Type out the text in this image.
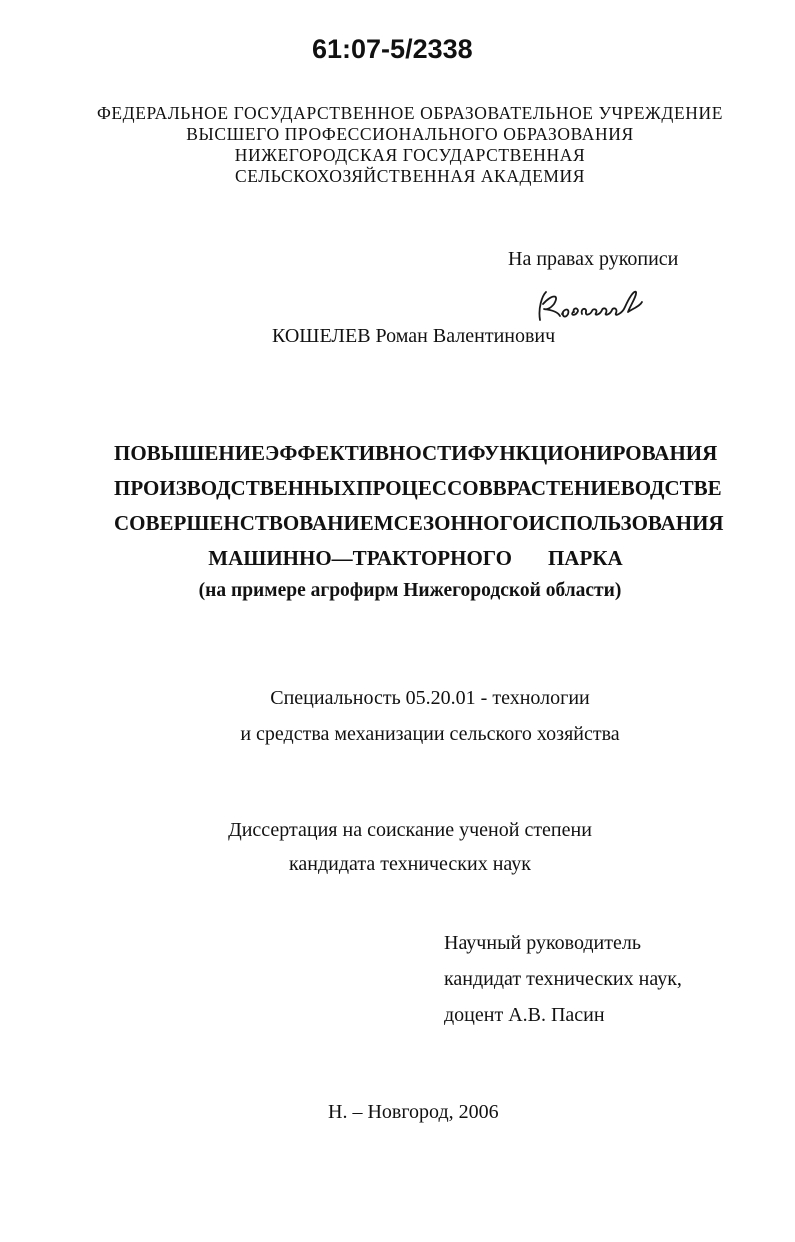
61:07-5/2338
ФЕДЕРАЛЬНОЕ ГОСУДАРСТВЕННОЕ ОБРАЗОВАТЕЛЬНОЕ УЧРЕЖДЕНИЕ
ВЫСШЕГО ПРОФЕССИОНАЛЬНОГО ОБРАЗОВАНИЯ
НИЖЕГОРОДСКАЯ ГОСУДАРСТВЕННАЯ
СЕЛЬСКОХОЗЯЙСТВЕННАЯ АКАДЕМИЯ
На правах рукописи
КОШЕЛЕВ Роман Валентинович
ПОВЫШЕНИЕ ЭФФЕКТИВНОСТИ ФУНКЦИОНИРОВАНИЯ
ПРОИЗВОДСТВЕННЫХ ПРОЦЕССОВ В РАСТЕНИЕВОДСТВЕ
СОВЕРШЕНСТВОВАНИЕМ СЕЗОННОГО ИСПОЛЬЗОВАНИЯ
МАШИННО—ТРАКТОРНОГО ПАРКА
(на примере агрофирм Нижегородской области)
Специальность 05.20.01 - технологии
и средства механизации сельского хозяйства
Диссертация на соискание ученой степени
кандидата технических наук
Научный руководитель
кандидат технических наук,
доцент А.В. Пасин
Н. – Новгород, 2006
